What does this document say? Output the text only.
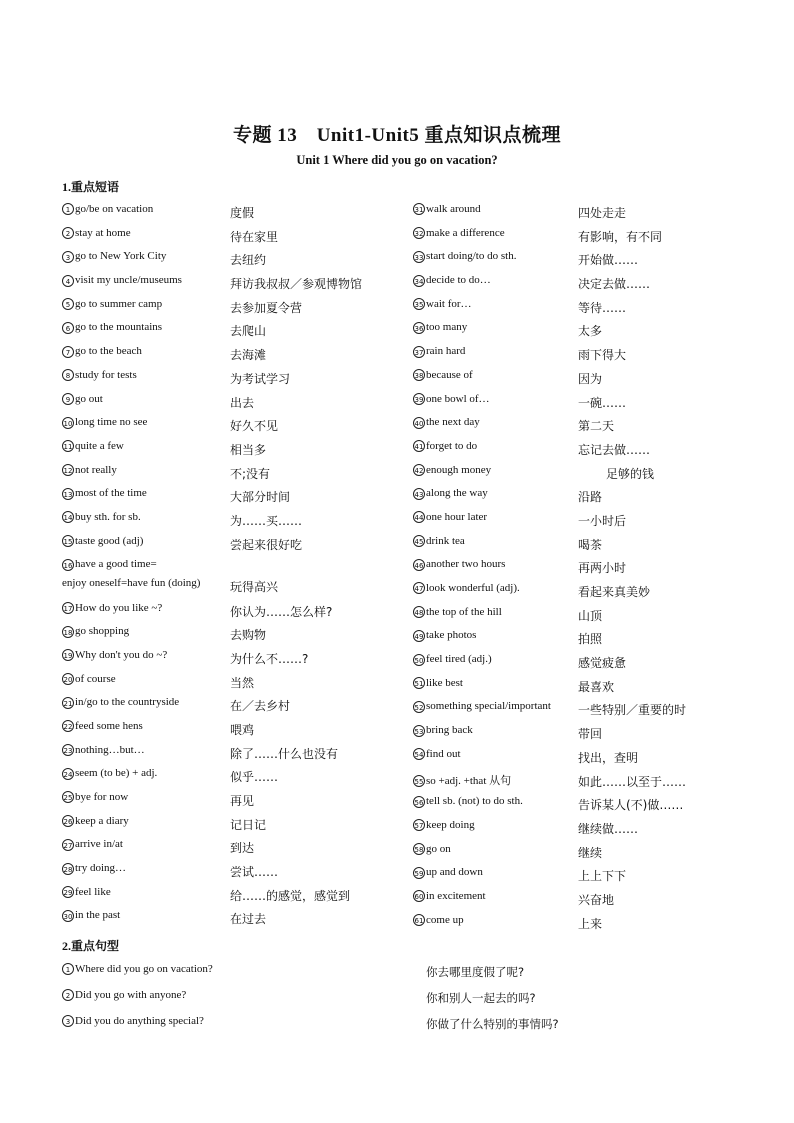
专题 13　Unit1-Unit5 重点知识点梳理
Unit 1 Where did you go on vacation?
1.重点短语
1 go/be on vacation	度假
2 stay at home	待在家里
3 go to New York City	去纽约
4 visit my uncle/museums	拜访我叔叔／参观博物馆
5 go to summer camp	去参加夏令营
6 go to the mountains	去爬山
7 go to the beach	去海滩
8 study for tests	为考试学习
9 go out	出去
10 long time no see	好久不见
11 quite a few	相当多
12 not really	不;没有
13 most of the time	大部分时间
14 buy sth. for sb.	为……买……
15 taste good (adj)	尝起来很好吃
16 have a good time=
enjoy oneself=have fun (doing) 玩得高兴
17 How do you like ~?	你认为……怎么样?
18 go shopping	去购物
19 Why don't you do ~?	为什么不……?
20 of course	当然
21 in/go to the countryside	在／去乡村
22 feed some hens	喂鸡
23 nothing…but…	除了……什么也没有
24 seem (to be) + adj.	似乎……
25 bye for now	再见
26 keep a diary	记日记
27 arrive in/at	到达
28 try doing…	尝试……
29 feel like	给……的感觉，感觉到
30 in the past	在过去
31 walk around	四处走走
32 make a difference	有影响，有不同
33 start doing/to do sth.	开始做……
34 decide to do…	决定去做……
35 wait for…	等待……
36 too many	太多
37 rain hard	雨下得大
38 because of	因为
39 one bowl of…	一碗……
40 the next day	第二天
41 forget to do	忘记去做……
42 enough money	足够的钱
43 along the way	沿路
44 one hour later	一小时后
45 drink tea	喝茶
46 another two hours	再两小时
47 look wonderful (adj).	看起来真美妙
48 the top of the hill	山顶
49 take photos	拍照
50 feel tired (adj.)	感觉疲惫
51 like best	最喜欢
52 something special/important 一些特别／重要的时
53 bring back	带回
54 find out	找出，查明
55 so +adj. +that 从句	如此……以至于……
56 tell sb. (not) to do sth.	告诉某人(不)做……
57 keep doing	继续做……
58 go on	继续
59 up and down	上上下下
60 in excitement	兴奋地
61 come up	上来
2.重点句型
1 Where did you go on vacation?	你去哪里度假了呢?
2 Did you go with anyone?	你和别人一起去的吗?
3 Did you do anything special?	你做了什么特别的事情吗?
